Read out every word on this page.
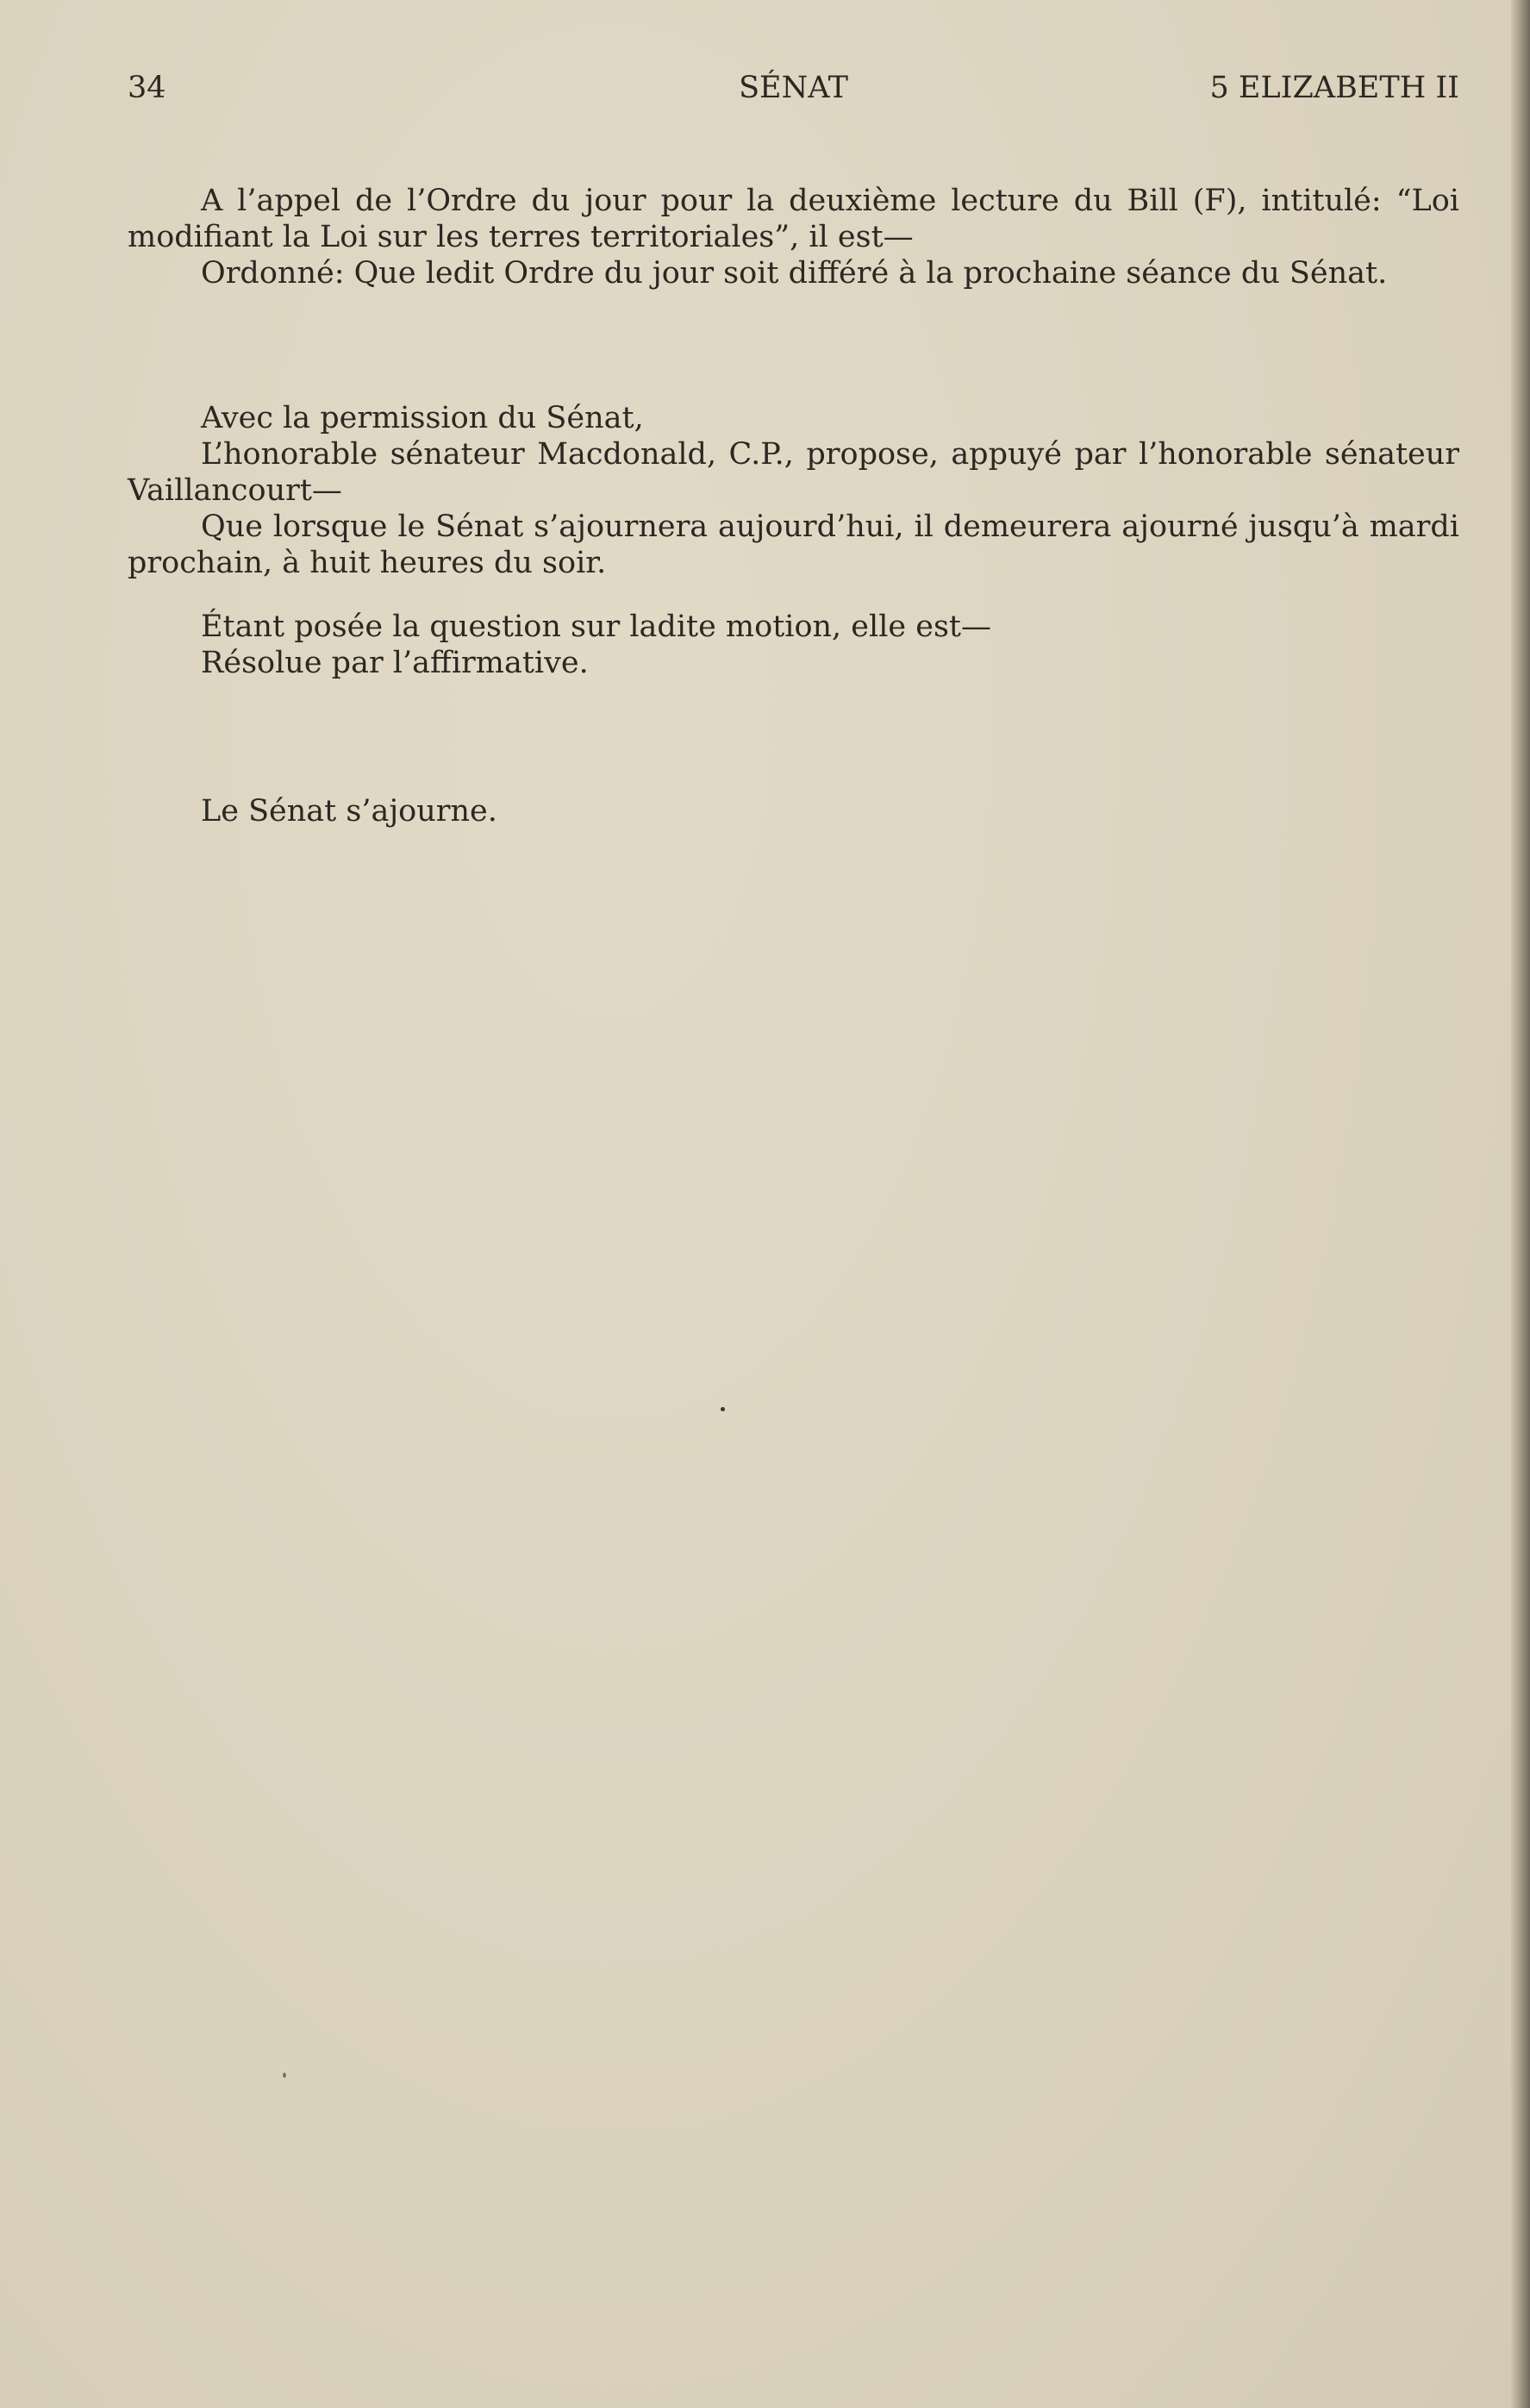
34	SÉNAT	5 ELIZABETH II

A l’appel de l’Ordre du jour pour la deuxième lecture du Bill (F), intitulé: “Loi modifiant la Loi sur les terres territoriales”, il est—

Ordonné: Que ledit Ordre du jour soit différé à la prochaine séance du Sénat.

Avec la permission du Sénat,

L’honorable sénateur Macdonald, C.P., propose, appuyé par l’honorable sénateur Vaillancourt—

Que lorsque le Sénat s’ajournera aujourd’hui, il demeurera ajourné jusqu’à mardi prochain, à huit heures du soir.

Étant posée la question sur ladite motion, elle est—

Résolue par l’affirmative.

Le Sénat s’ajourne.
